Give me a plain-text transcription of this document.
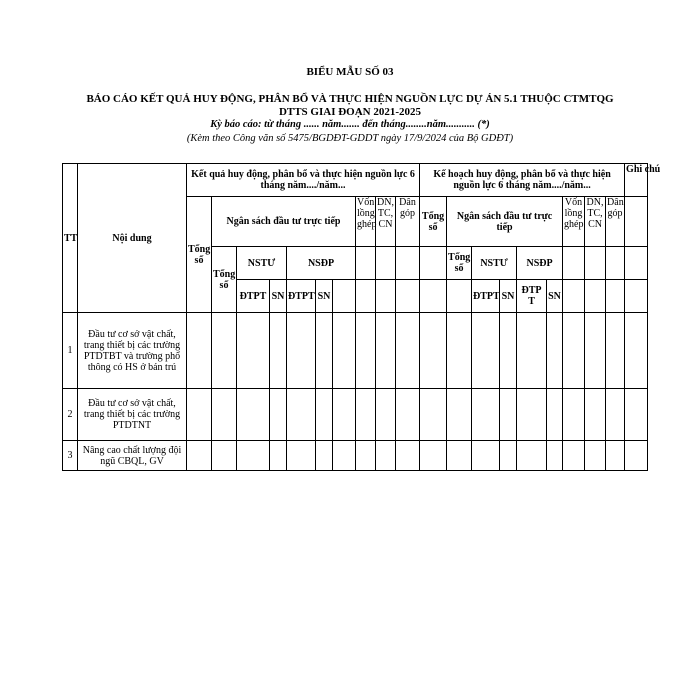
BIỂU MẪU SỐ 03
BÁO CÁO KẾT QUẢ HUY ĐỘNG, PHÂN BỔ VÀ THỰC HIỆN NGUỒN LỰC DỰ ÁN 5.1 THUỘC CTMTQG
DTTS GIAI ĐOẠN 2021-2025
Kỳ báo cáo: từ tháng ...... năm....... đến tháng........năm........... (*)
(Kèm theo Công văn số 5475/BGDĐT-GDDT ngày 17/9/2024 của Bộ GDĐT)
TT	Nội dung	Kết quả huy động, phân bổ và thực hiện nguồn lực 6 tháng năm..../năm...										Kế hoạch huy động, phân bổ và thực hiện nguồn lực 6 tháng năm..../năm...									Ghi chú
		Tổng số	Ngân sách đầu tư trực tiếp						Vốn lồng ghép	DN, TC, CN	Dân góp	Tổng số	Ngân sách đầu tư trực tiếp					Vốn lồng ghép	DN, TC, CN	Dân góp	
			Tổng số	NSTƯ		NSĐP							Tổng số	NSTƯ		NSĐP					
				ĐTPT	SN	ĐTPT	SN							ĐTPT	SN	ĐTP T	SN				
1	Đầu tư cơ sở vật chất, trang thiết bị các trường PTDTBT và trường phổ thông có HS ở bán trú																				
2	Đầu tư cơ sở vật chất, trang thiết bị các trường PTDTNT																				
3	Nâng cao chất lượng đội ngũ CBQL, GV																				
